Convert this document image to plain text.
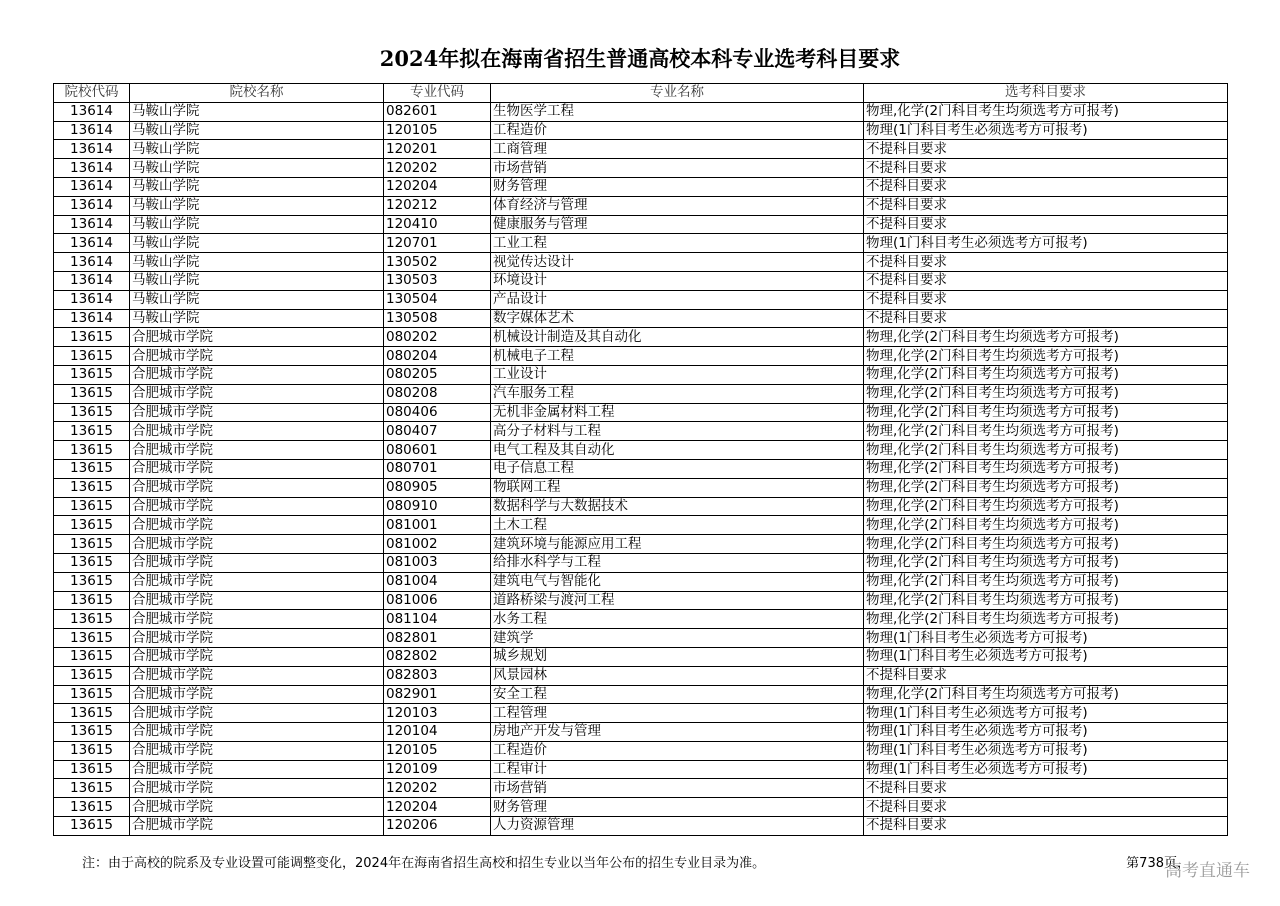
2024年拟在海南省招生普通高校本科专业选考科目要求
院校代码	院校名称	专业代码	专业名称	选考科目要求
13614	马鞍山学院	082601	生物医学工程	物理,化学(2门科目考生均须选考方可报考)
13614	马鞍山学院	120105	工程造价	物理(1门科目考生必须选考方可报考)
13614	马鞍山学院	120201	工商管理	不提科目要求
13614	马鞍山学院	120202	市场营销	不提科目要求
13614	马鞍山学院	120204	财务管理	不提科目要求
13614	马鞍山学院	120212	体育经济与管理	不提科目要求
13614	马鞍山学院	120410	健康服务与管理	不提科目要求
13614	马鞍山学院	120701	工业工程	物理(1门科目考生必须选考方可报考)
13614	马鞍山学院	130502	视觉传达设计	不提科目要求
13614	马鞍山学院	130503	环境设计	不提科目要求
13614	马鞍山学院	130504	产品设计	不提科目要求
13614	马鞍山学院	130508	数字媒体艺术	不提科目要求
13615	合肥城市学院	080202	机械设计制造及其自动化	物理,化学(2门科目考生均须选考方可报考)
13615	合肥城市学院	080204	机械电子工程	物理,化学(2门科目考生均须选考方可报考)
13615	合肥城市学院	080205	工业设计	物理,化学(2门科目考生均须选考方可报考)
13615	合肥城市学院	080208	汽车服务工程	物理,化学(2门科目考生均须选考方可报考)
13615	合肥城市学院	080406	无机非金属材料工程	物理,化学(2门科目考生均须选考方可报考)
13615	合肥城市学院	080407	高分子材料与工程	物理,化学(2门科目考生均须选考方可报考)
13615	合肥城市学院	080601	电气工程及其自动化	物理,化学(2门科目考生均须选考方可报考)
13615	合肥城市学院	080701	电子信息工程	物理,化学(2门科目考生均须选考方可报考)
13615	合肥城市学院	080905	物联网工程	物理,化学(2门科目考生均须选考方可报考)
13615	合肥城市学院	080910	数据科学与大数据技术	物理,化学(2门科目考生均须选考方可报考)
13615	合肥城市学院	081001	土木工程	物理,化学(2门科目考生均须选考方可报考)
13615	合肥城市学院	081002	建筑环境与能源应用工程	物理,化学(2门科目考生均须选考方可报考)
13615	合肥城市学院	081003	给排水科学与工程	物理,化学(2门科目考生均须选考方可报考)
13615	合肥城市学院	081004	建筑电气与智能化	物理,化学(2门科目考生均须选考方可报考)
13615	合肥城市学院	081006	道路桥梁与渡河工程	物理,化学(2门科目考生均须选考方可报考)
13615	合肥城市学院	081104	水务工程	物理,化学(2门科目考生均须选考方可报考)
13615	合肥城市学院	082801	建筑学	物理(1门科目考生必须选考方可报考)
13615	合肥城市学院	082802	城乡规划	物理(1门科目考生必须选考方可报考)
13615	合肥城市学院	082803	风景园林	不提科目要求
13615	合肥城市学院	082901	安全工程	物理,化学(2门科目考生均须选考方可报考)
13615	合肥城市学院	120103	工程管理	物理(1门科目考生必须选考方可报考)
13615	合肥城市学院	120104	房地产开发与管理	物理(1门科目考生必须选考方可报考)
13615	合肥城市学院	120105	工程造价	物理(1门科目考生必须选考方可报考)
13615	合肥城市学院	120109	工程审计	物理(1门科目考生必须选考方可报考)
13615	合肥城市学院	120202	市场营销	不提科目要求
13615	合肥城市学院	120204	财务管理	不提科目要求
13615	合肥城市学院	120206	人力资源管理	不提科目要求
注：由于高校的院系及专业设置可能调整变化，2024年在海南省招生高校和招生专业以当年公布的招生专业目录为准。	第738页，
高考直通车
